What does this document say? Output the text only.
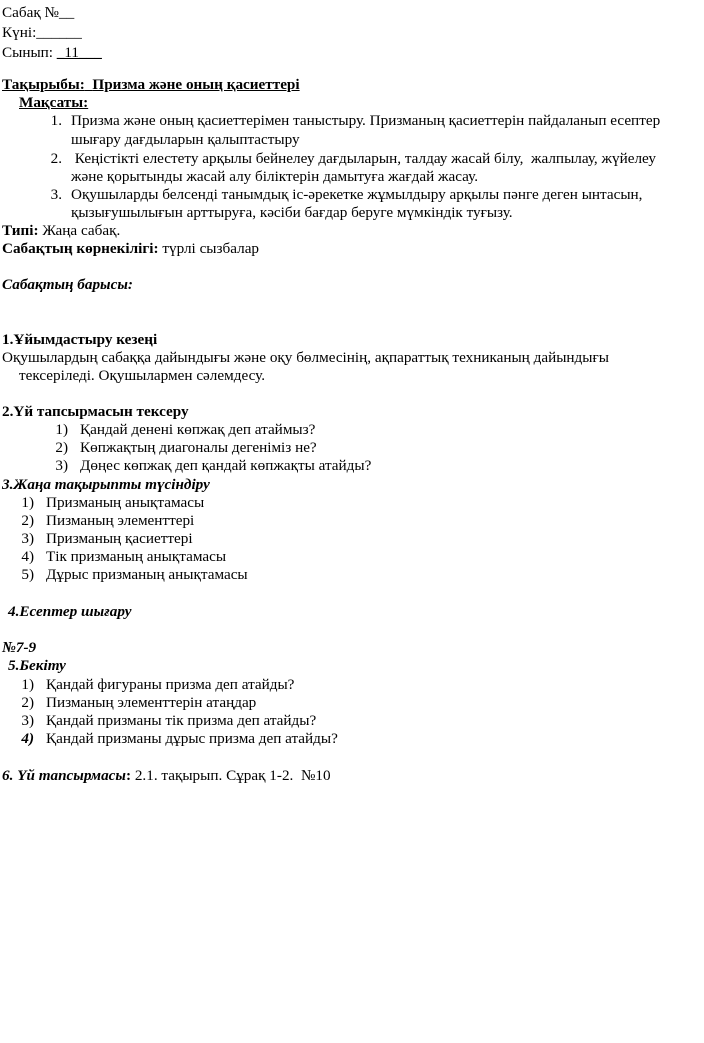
Сабақ №__
Күні:______
Сынып: _11___
Тақырыбы: Призма және оның қасиеттері
Мақсаты:
1. Призма және оның қасиеттерімен таныстыру. Призманың қасиеттерін пайдаланып есептер
шығару дағдыларын қалыптастыру
2. Кеңістікті елестету арқылы бейнелеу дағдыларын, талдау жасай білу,  жалпылау, жүйелеу
және қорытынды жасай алу біліктерін дамытуға жағдай жасау.
3. Оқушыларды белсенді танымдық іс-әрекетке жұмылдыру арқылы пәнге деген ынтасын,
қызығушылығын арттыруға, кәсіби бағдар беруге мүмкіндік туғызу.
Типі: Жаңа сабақ.
Сабақтың көрнекілігі: түрлі сызбалар
Сабақтың барысы:
1.Ұйымдастыру кезеңі
Оқушылардың сабаққа дайындығы және оқу бөлмесінің, ақпараттық техниканың дайындығы
тексеріледі. Оқушылармен сәлемдесу.
2.Үй тапсырмасын тексеру
1) Қандай денені көпжақ деп атаймыз?
2) Көпжақтың диагоналы дегеніміз не?
3) Дөңес көпжақ деп қандай көпжақты атайды?
3.Жаңа тақырыпты түсіндіру
1) Призманың анықтамасы
2) Пизманың элементтері
3) Призманың қасиеттері
4) Тік призманың анықтамасы
5) Дұрыс призманың анықтамасы
4.Есептер шығару
№7-9
5.Бекіту
1) Қандай фигураны призма деп атайды?
2) Пизманың элементтерін атаңдар
3) Қандай призманы тік призма деп атайды?
4) Қандай призманы дұрыс призма деп атайды?
6. Үй тапсырмасы: 2.1. тақырып. Сұрақ 1-2.  №10
